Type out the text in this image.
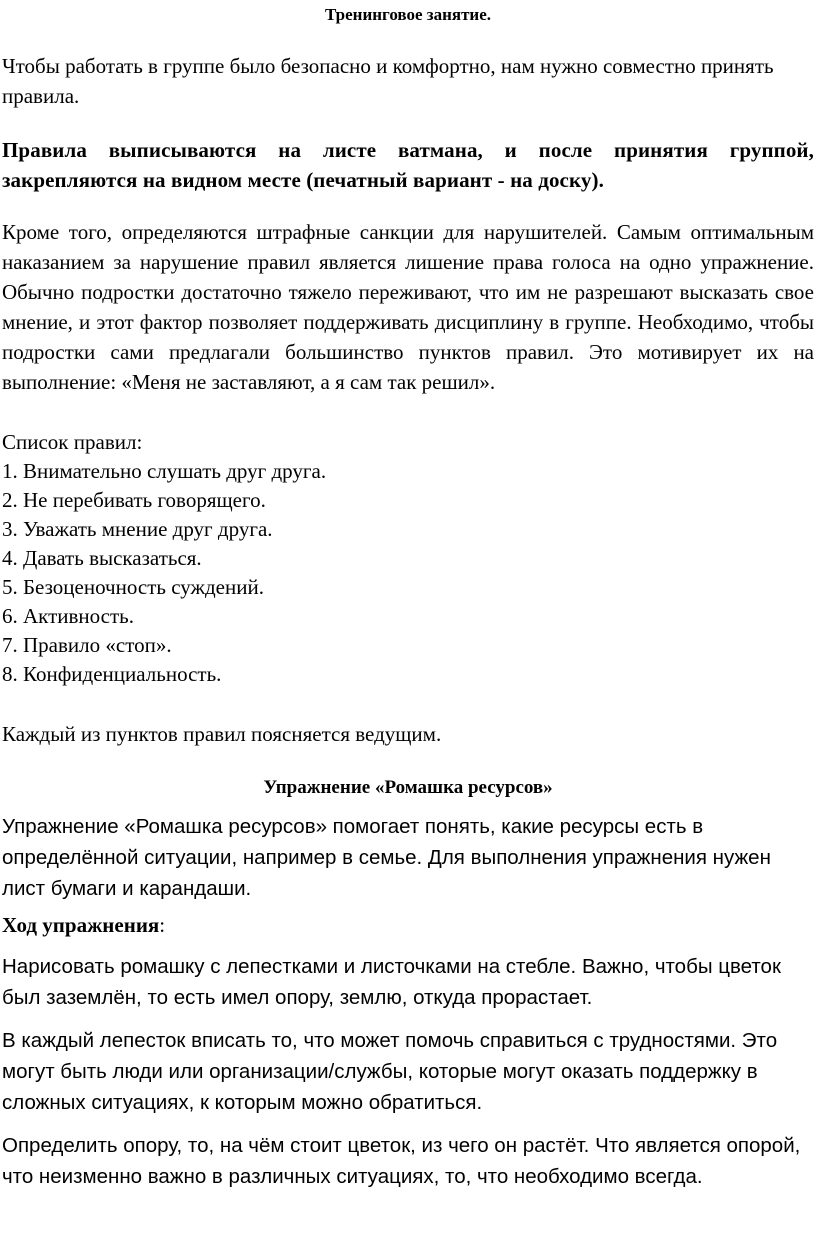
Тренинговое занятие.

Чтобы работать в группе было безопасно и комфортно, нам нужно совместно принять правила.

Правила выписываются на листе ватмана, и после принятия группой, закрепляются на видном месте (печатный вариант - на доску).

Кроме того, определяются штрафные санкции для нарушителей. Самым оптимальным наказанием за нарушение правил является лишение права голоса на одно упражнение. Обычно подростки достаточно тяжело переживают, что им не разрешают высказать свое мнение, и этот фактор позволяет поддерживать дисциплину в группе. Необходимо, чтобы подростки сами предлагали большинство пунктов правил. Это мотивирует их на выполнение: «Меня не заставляют, а я сам так решил».

Список правил:

1. Внимательно слушать друг друга.
2. Не перебивать говорящего.
3. Уважать мнение друг друга.
4. Давать высказаться.
5. Безоценочность суждений.
6. Активность.
7. Правило «стоп».
8. Конфиденциальность.

Каждый из пунктов правил поясняется ведущим.

Упражнение «Ромашка ресурсов»

Упражнение «Ромашка ресурсов» помогает понять, какие ресурсы есть в определённой ситуации, например в семье. Для выполнения упражнения нужен лист бумаги и карандаши.

Ход упражнения:

Нарисовать ромашку с лепестками и листочками на стебле. Важно, чтобы цветок был заземлён, то есть имел опору, землю, откуда прорастает.

В каждый лепесток вписать то, что может помочь справиться с трудностями. Это могут быть люди или организации/службы, которые могут оказать поддержку в сложных ситуациях, к которым можно обратиться.

Определить опору, то, на чём стоит цветок, из чего он растёт. Что является опорой, что неизменно важно в различных ситуациях, то, что необходимо всегда.
